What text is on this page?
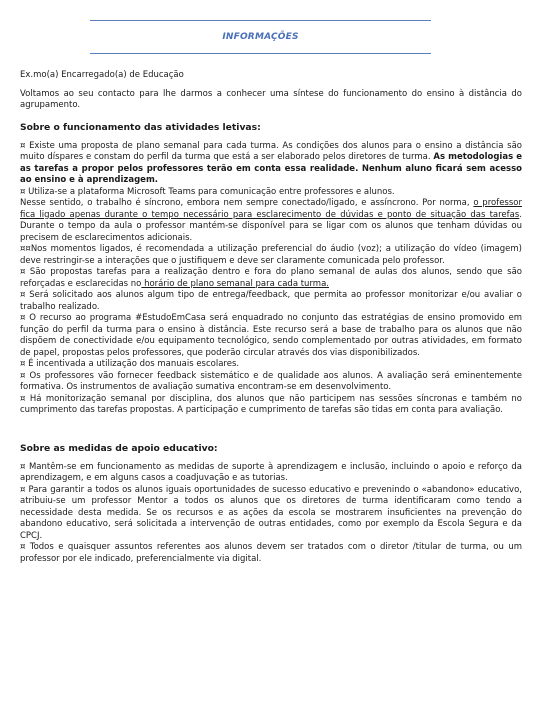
INFORMAÇÕES

Ex.mo(a) Encarregado(a) de Educação

Voltamos ao seu contacto para lhe darmos a conhecer uma síntese do funcionamento do ensino à distância do agrupamento.

Sobre o funcionamento das atividades letivas:

¤ Existe uma proposta de plano semanal para cada turma. As condições dos alunos para o ensino a distância são muito díspares e constam do perfil da turma que está a ser elaborado pelos diretores de turma. As metodologias e as tarefas a propor pelos professores terão em conta essa realidade. Nenhum aluno ficará sem acesso ao ensino e à aprendizagem.

¤ Utiliza-se a plataforma Microsoft Teams para comunicação entre professores e alunos.

Nesse sentido, o trabalho é síncrono, embora nem sempre conectado/ligado, e assíncrono. Por norma, o professor fica ligado apenas durante o tempo necessário para esclarecimento de dúvidas e ponto de situação das tarefas. Durante o tempo da aula o professor mantém-se disponível para se ligar com os alunos que tenham dúvidas ou precisem de esclarecimentos adicionais.

¤¤Nos momentos ligados, é recomendada a utilização preferencial do áudio (voz); a utilização do vídeo (imagem) deve restringir-se a interações que o justifiquem e deve ser claramente comunicada pelo professor.

¤ São propostas tarefas para a realização dentro e fora do plano semanal de aulas dos alunos, sendo que são reforçadas e esclarecidas no horário de plano semanal para cada turma.

¤ Será solicitado aos alunos algum tipo de entrega/feedback, que permita ao professor monitorizar e/ou avaliar o trabalho realizado.

¤ O recurso ao programa #EstudoEmCasa será enquadrado no conjunto das estratégias de ensino promovido em função do perfil da turma para o ensino à distância. Este recurso será a base de trabalho para os alunos que não dispõem de conectividade e/ou equipamento tecnológico, sendo complementado por outras atividades, em formato de papel, propostas pelos professores, que poderão circular através dos vias disponibilizados.

¤ É incentivada a utilização dos manuais escolares.

¤ Os professores vão fornecer feedback sistemático e de qualidade aos alunos. A avaliação será eminentemente formativa. Os instrumentos de avaliação sumativa encontram-se em desenvolvimento.

¤ Há monitorização semanal por disciplina, dos alunos que não participem nas sessões síncronas e também no cumprimento das tarefas propostas. A participação e cumprimento de tarefas são tidas em conta para avaliação.

Sobre as medidas de apoio educativo:

¤ Mantêm-se em funcionamento as medidas de suporte à aprendizagem e inclusão, incluindo o apoio e reforço da aprendizagem, e em alguns casos a coadjuvação e as tutorias.

¤ Para garantir a todos os alunos iguais oportunidades de sucesso educativo e prevenindo o «abandono» educativo, atribuiu-se um professor Mentor a todos os alunos que os diretores de turma identificaram como tendo a necessidade desta medida. Se os recursos e as ações da escola se mostrarem insuficientes na prevenção do abandono educativo, será solicitada a intervenção de outras entidades, como por exemplo da Escola Segura e da CPCJ.

¤ Todos e quaisquer assuntos referentes aos alunos devem ser tratados com o diretor /titular de turma, ou um professor por ele indicado, preferencialmente via digital.
